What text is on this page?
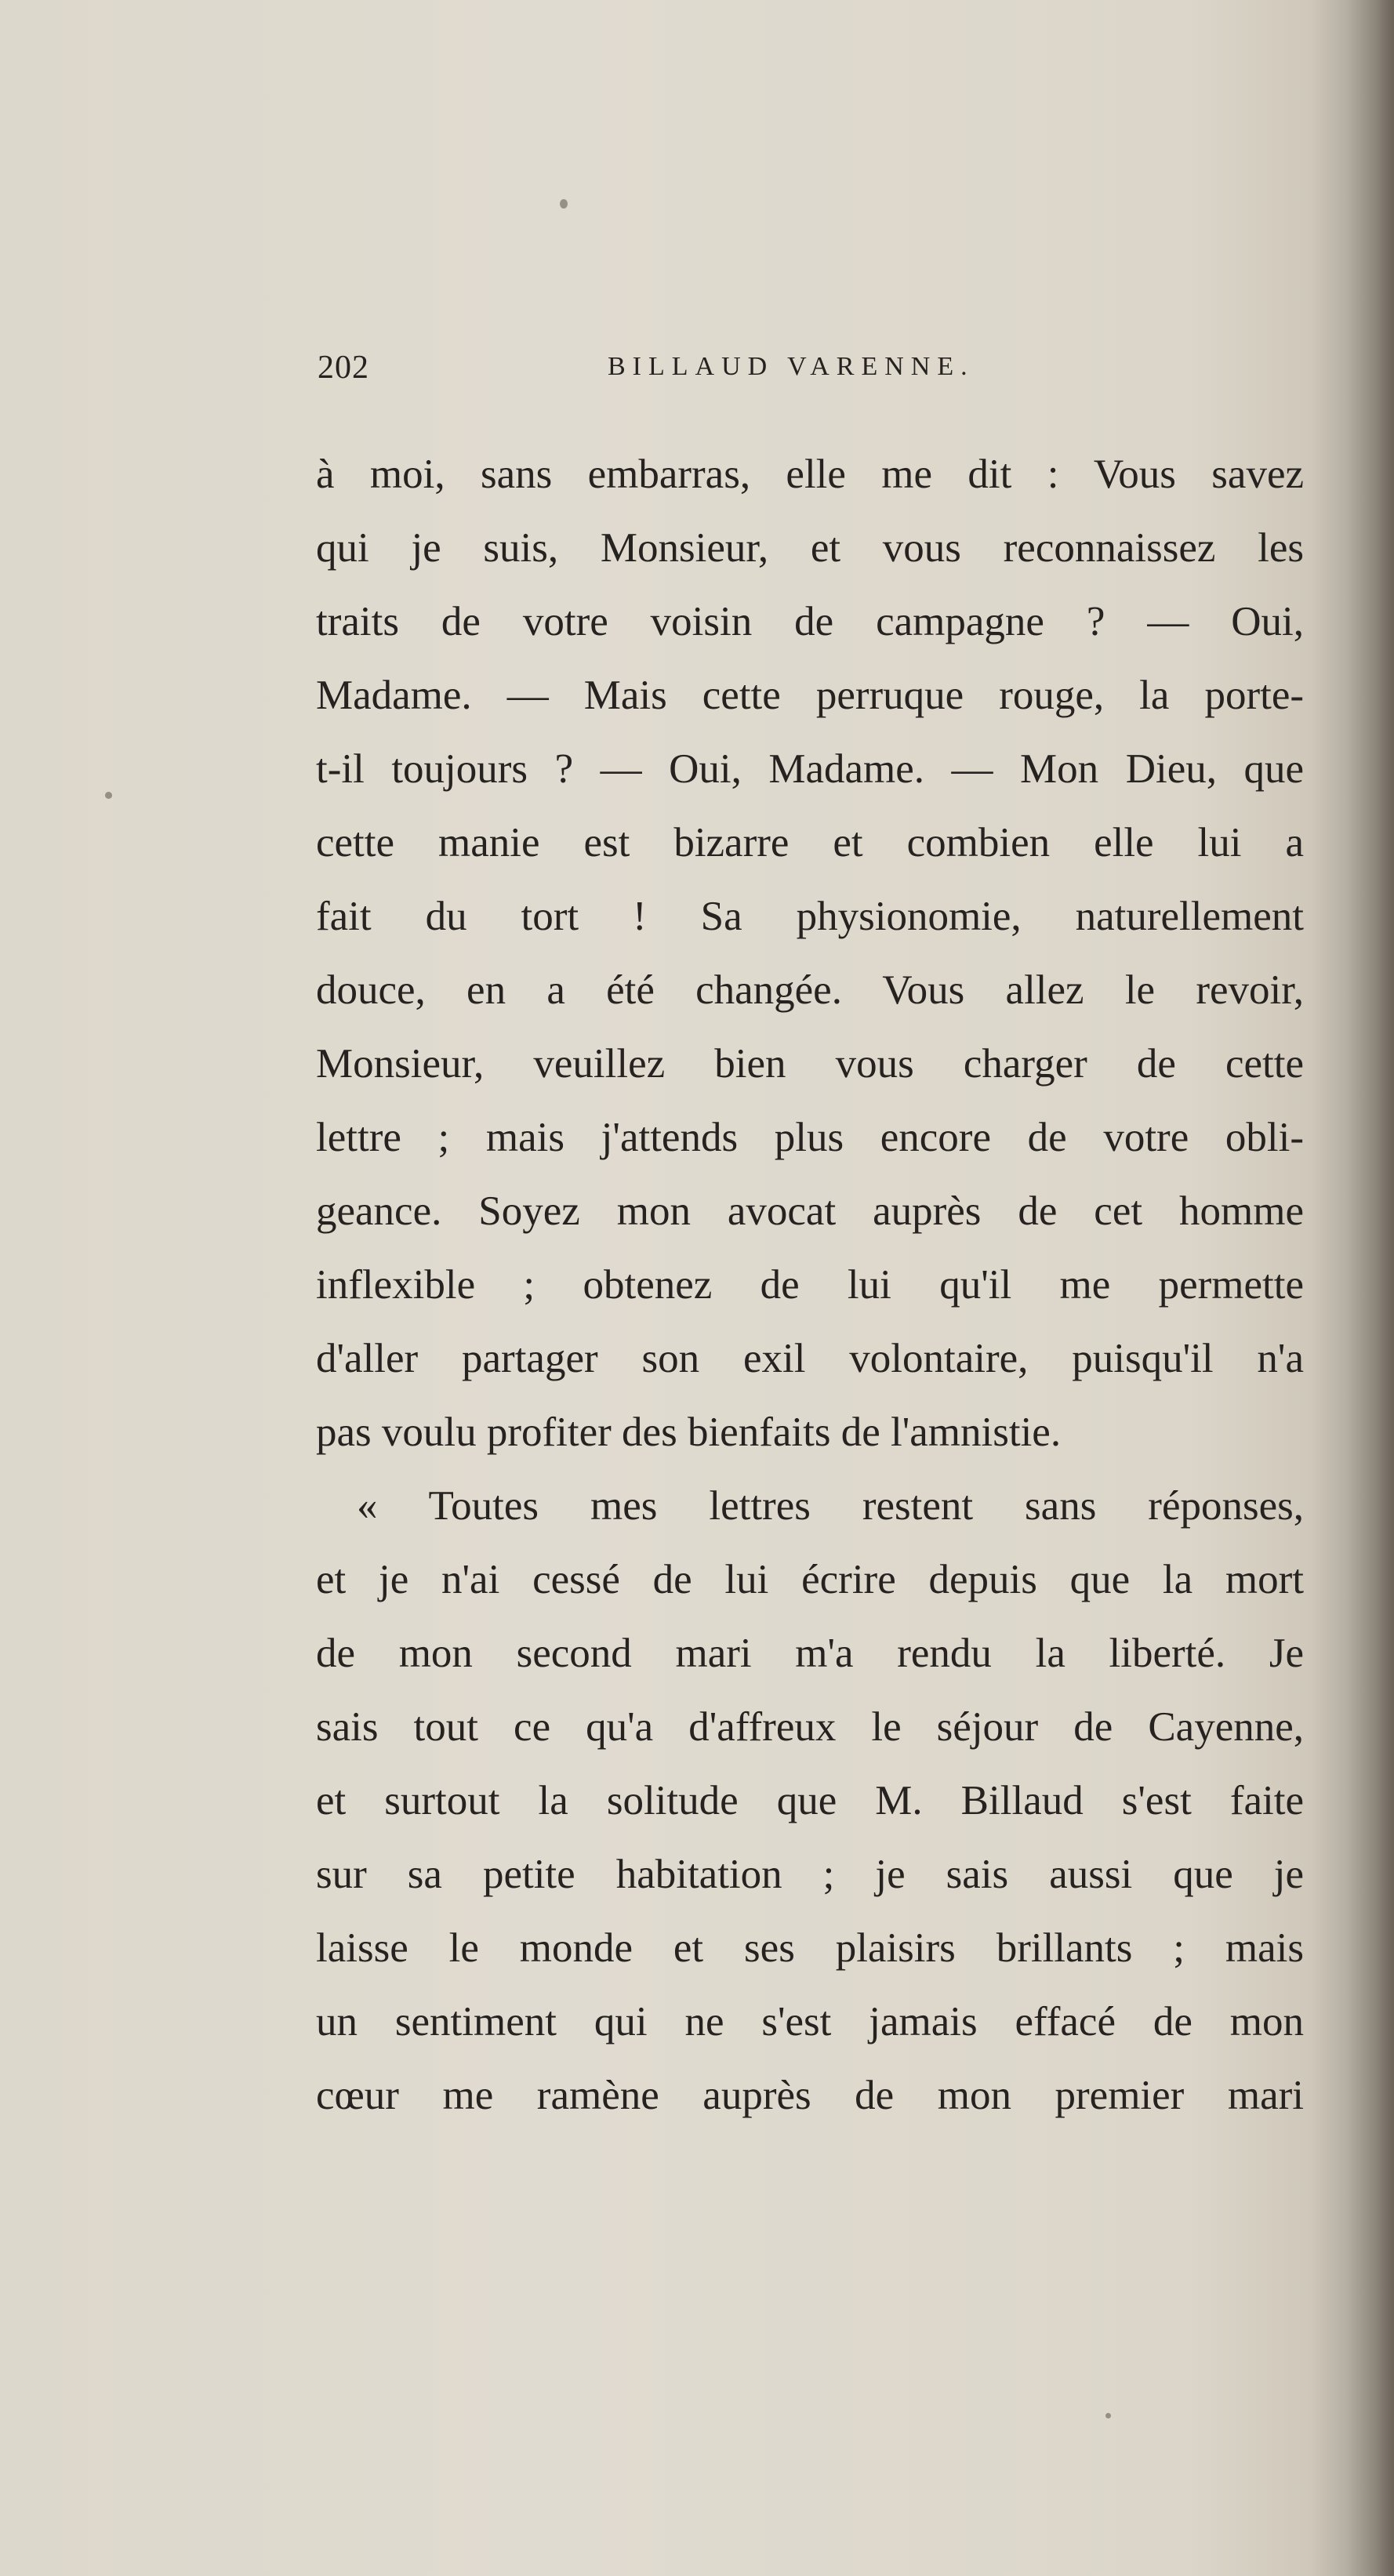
202	BILLAUD VARENNE.
à moi, sans embarras, elle me dit : Vous savez
qui je suis, Monsieur, et vous reconnaissez les
traits de votre voisin de campagne ? — Oui,
Madame. — Mais cette perruque rouge, la porte-
t-il toujours ? — Oui, Madame. — Mon Dieu, que
cette manie est bizarre et combien elle lui a
fait du tort ! Sa physionomie, naturellement
douce, en a été changée. Vous allez le revoir,
Monsieur, veuillez bien vous charger de cette
lettre ; mais j'attends plus encore de votre obli-
geance. Soyez mon avocat auprès de cet homme
inflexible ; obtenez de lui qu'il me permette
d'aller partager son exil volontaire, puisqu'il n'a
pas voulu profiter des bienfaits de l'amnistie.
« Toutes mes lettres restent sans réponses,
et je n'ai cessé de lui écrire depuis que la mort
de mon second mari m'a rendu la liberté. Je
sais tout ce qu'a d'affreux le séjour de Cayenne,
et surtout la solitude que M. Billaud s'est faite
sur sa petite habitation ; je sais aussi que je
laisse le monde et ses plaisirs brillants ; mais
un sentiment qui ne s'est jamais effacé de mon
cœur me ramène auprès de mon premier mari
